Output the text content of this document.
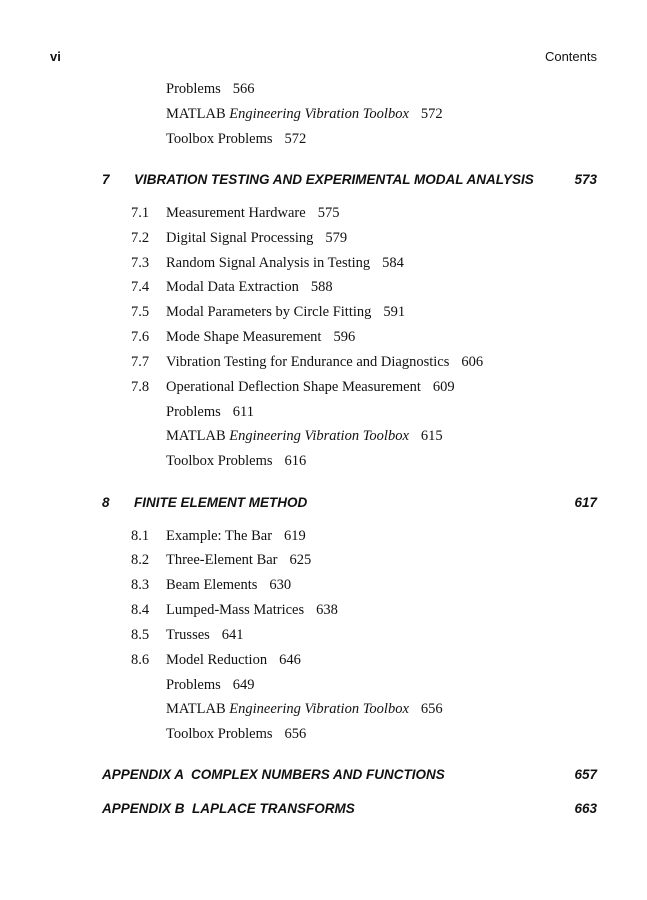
vi	Contents
Problems 566
MATLAB Engineering Vibration Toolbox 572
Toolbox Problems 572
7 VIBRATION TESTING AND EXPERIMENTAL MODAL ANALYSIS	573
7.1 Measurement Hardware 575
7.2 Digital Signal Processing 579
7.3 Random Signal Analysis in Testing 584
7.4 Modal Data Extraction 588
7.5 Modal Parameters by Circle Fitting 591
7.6 Mode Shape Measurement 596
7.7 Vibration Testing for Endurance and Diagnostics 606
7.8 Operational Deflection Shape Measurement 609
Problems 611
MATLAB Engineering Vibration Toolbox 615
Toolbox Problems 616
8 FINITE ELEMENT METHOD	617
8.1 Example: The Bar 619
8.2 Three-Element Bar 625
8.3 Beam Elements 630
8.4 Lumped-Mass Matrices 638
8.5 Trusses 641
8.6 Model Reduction 646
Problems 649
MATLAB Engineering Vibration Toolbox 656
Toolbox Problems 656
APPENDIX A  COMPLEX NUMBERS AND FUNCTIONS	657
APPENDIX B  LAPLACE TRANSFORMS	663
